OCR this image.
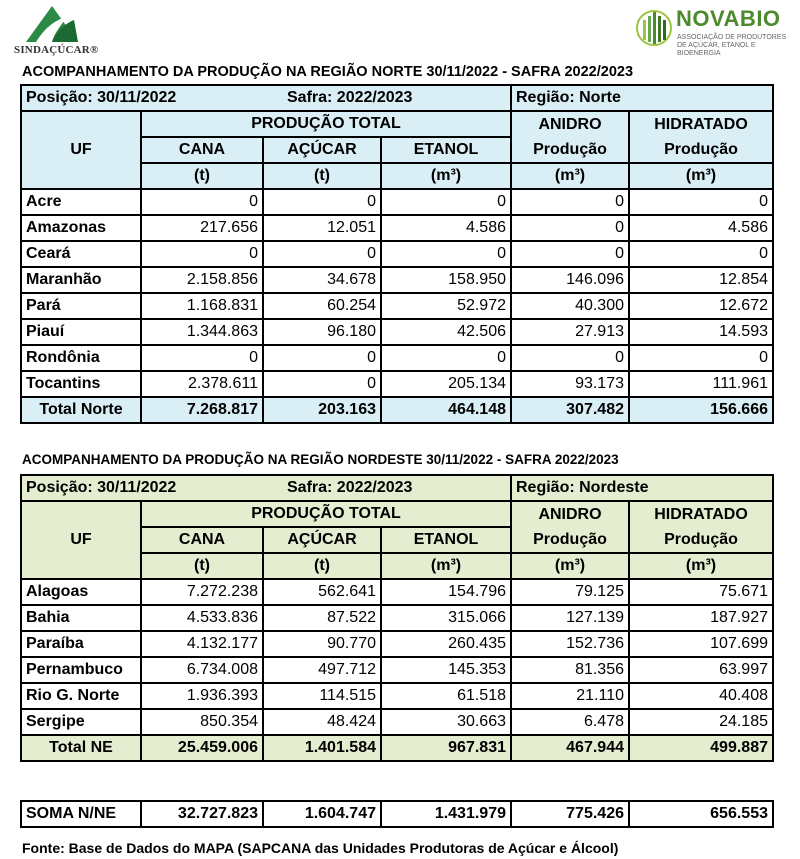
SINDAÇÚCAR®
NOVABIO
ASSOCIAÇÃO DE PRODUTORES DE AÇÚCAR, ETANOL E BIOENERGIA
ACOMPANHAMENTO DA PRODUÇÃO NA REGIÃO NORTE 30/11/2022 - SAFRA 2022/2023
Posição: 30/11/2022		Safra: 2022/2023		Região: Norte	
UF	PRODUÇÃO TOTAL			ANIDRO	HIDRATADO
	CANA	AÇÚCAR	ETANOL	Produção	Produção
	(t)	(t)	(m³)	(m³)	(m³)
Acre	0	0	0	0	0
Amazonas	217.656	12.051	4.586	0	4.586
Ceará	0	0	0	0	0
Maranhão	2.158.856	34.678	158.950	146.096	12.854
Pará	1.168.831	60.254	52.972	40.300	12.672
Piauí	1.344.863	96.180	42.506	27.913	14.593
Rondônia	0	0	0	0	0
Tocantins	2.378.611	0	205.134	93.173	111.961
Total Norte	7.268.817	203.163	464.148	307.482	156.666
ACOMPANHAMENTO DA PRODUÇÃO NA REGIÃO NORDESTE 30/11/2022 - SAFRA 2022/2023
Posição: 30/11/2022		Safra: 2022/2023		Região: Nordeste	
UF	PRODUÇÃO TOTAL			ANIDRO	HIDRATADO
	CANA	AÇÚCAR	ETANOL	Produção	Produção
	(t)	(t)	(m³)	(m³)	(m³)
Alagoas	7.272.238	562.641	154.796	79.125	75.671
Bahia	4.533.836	87.522	315.066	127.139	187.927
Paraíba	4.132.177	90.770	260.435	152.736	107.699
Pernambuco	6.734.008	497.712	145.353	81.356	63.997
Rio G. Norte	1.936.393	114.515	61.518	21.110	40.408
Sergipe	850.354	48.424	30.663	6.478	24.185
Total NE	25.459.006	1.401.584	967.831	467.944	499.887
SOMA N/NE	32.727.823	1.604.747	1.431.979	775.426	656.553
Fonte: Base de Dados do MAPA (SAPCANA das Unidades Produtoras de Açúcar e Álcool)
